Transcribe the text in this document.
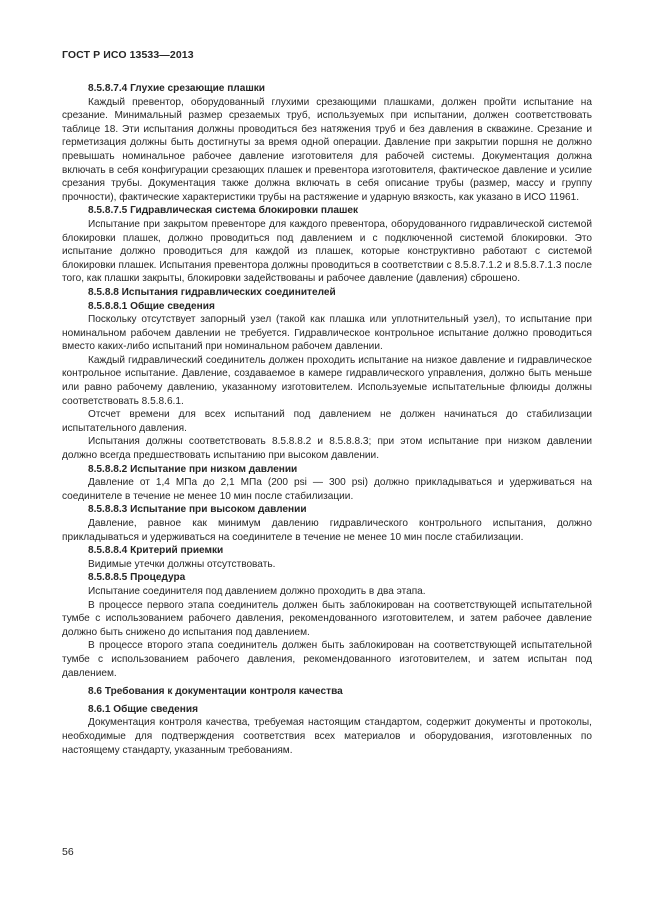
ГОСТ Р ИСО 13533—2013

8.5.8.7.4 Глухие срезающие плашки

Каждый превентор, оборудованный глухими срезающими плашками, должен пройти испытание на срезание. Минимальный размер срезаемых труб, используемых при испытании, должен соответствовать таблице 18. Эти испытания должны проводиться без натяжения труб и без давления в скважине. Срезание и герметизация должны быть достигнуты за время одной операции. Давление при закрытии поршня не должно превышать номинальное рабочее давление изготовителя для рабочей системы. Документация должна включать в себя конфигурации срезающих плашек и превентора изготовителя, фактическое давление и усилие срезания трубы. Документация также должна включать в себя описание трубы (размер, массу и группу прочности), фактические характеристики трубы на растяжение и ударную вязкость, как указано в ИСО 11961.

8.5.8.7.5 Гидравлическая система блокировки плашек

Испытание при закрытом превенторе для каждого превентора, оборудованного гидравлической системой блокировки плашек, должно проводиться под давлением и с подключенной системой блокировки. Это испытание должно проводиться для каждой из плашек, которые конструктивно работают с системой блокировки плашек. Испытания превентора должны проводиться в соответствии с 8.5.8.7.1.2 и 8.5.8.7.1.3 после того, как плашки закрыты, блокировки задействованы и рабочее давление (давления) сброшено.

8.5.8.8 Испытания гидравлических соединителей

8.5.8.8.1 Общие сведения

Поскольку отсутствует запорный узел (такой как плашка или уплотнительный узел), то испытание при номинальном рабочем давлении не требуется. Гидравлическое контрольное испытание должно проводиться вместо каких-либо испытаний при номинальном рабочем давлении.

Каждый гидравлический соединитель должен проходить испытание на низкое давление и гидравлическое контрольное испытание. Давление, создаваемое в камере гидравлического управления, должно быть меньше или равно рабочему давлению, указанному изготовителем. Используемые испытательные флюиды должны соответствовать 8.5.8.6.1.

Отсчет времени для всех испытаний под давлением не должен начинаться до стабилизации испытательного давления.

Испытания должны соответствовать 8.5.8.8.2 и 8.5.8.8.3; при этом испытание при низком давлении должно всегда предшествовать испытанию при высоком давлении.

8.5.8.8.2 Испытание при низком давлении

Давление от 1,4 МПа до 2,1 МПа (200 psi — 300 psi) должно прикладываться и удерживаться на соединителе в течение не менее 10 мин после стабилизации.

8.5.8.8.3 Испытание при высоком давлении

Давление, равное как минимум давлению гидравлического контрольного испытания, должно прикладываться и удерживаться на соединителе в течение не менее 10 мин после стабилизации.

8.5.8.8.4 Критерий приемки

Видимые утечки должны отсутствовать.

8.5.8.8.5 Процедура

Испытание соединителя под давлением должно проходить в два этапа.

В процессе первого этапа соединитель должен быть заблокирован на соответствующей испытательной тумбе с использованием рабочего давления, рекомендованного изготовителем, и затем рабочее давление должно быть снижено до испытания под давлением.

В процессе второго этапа соединитель должен быть заблокирован на соответствующей испытательной тумбе с использованием рабочего давления, рекомендованного изготовителем, и затем испытан под давлением.

8.6 Требования к документации контроля качества

8.6.1 Общие сведения

Документация контроля качества, требуемая настоящим стандартом, содержит документы и протоколы, необходимые для подтверждения соответствия всех материалов и оборудования, изготовленных по настоящему стандарту, указанным требованиям.

56
